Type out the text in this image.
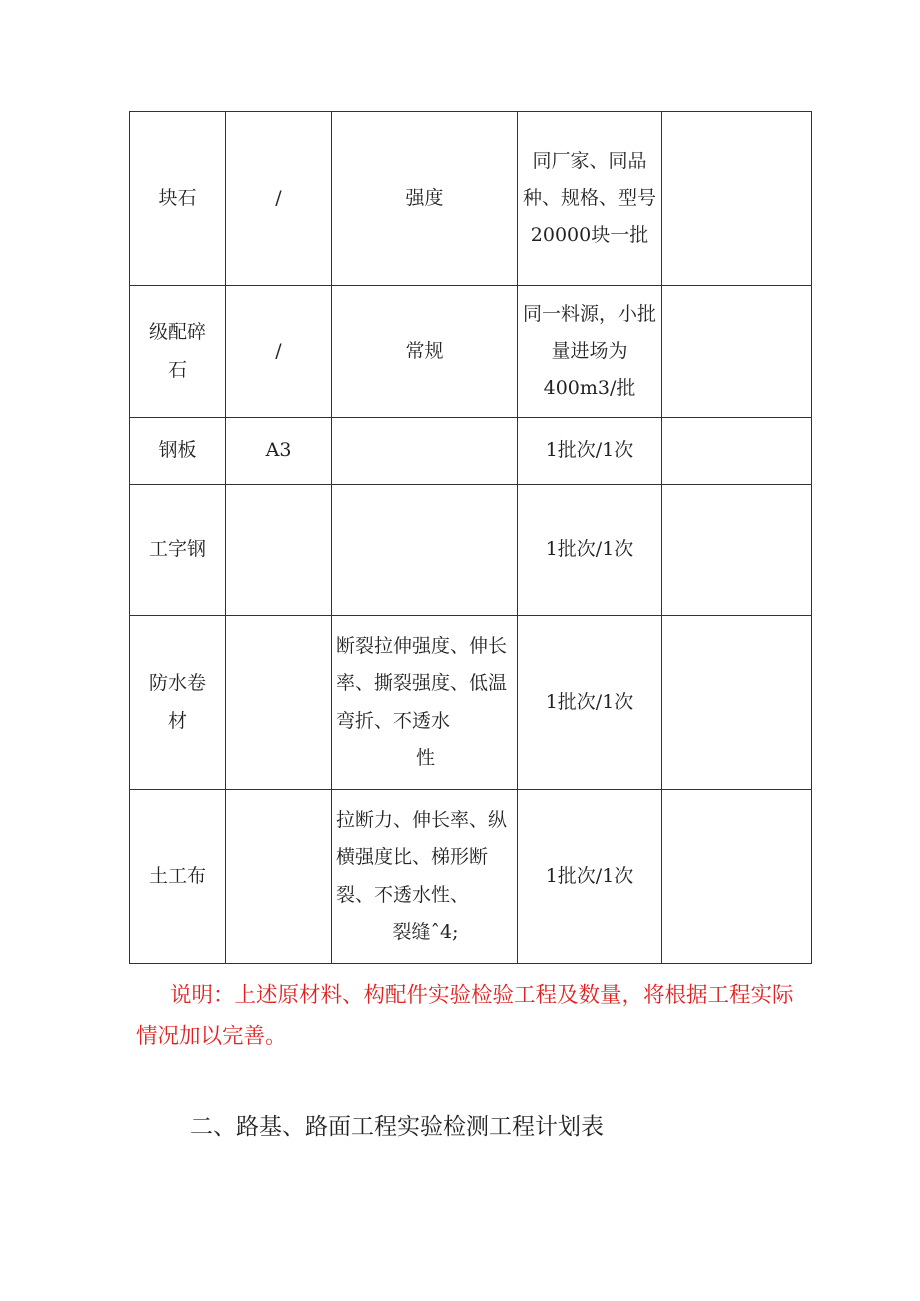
块石	/	强度	同厂家、同品
种、规格、型号
20000块一批	

级配碎
石	/	常规	同一料源，小批
量进场为
400m3/批	

钢板	A3		1批次/1次	
工字钢			1批次/1次	

防水卷
材		断裂拉伸强度、伸长
率、撕裂强度、低温
弯折、不透水
性	1批次/1次	
土工布		拉断力、伸长率、纵
横强度比、梯形断
裂、不透水性、
裂缝ˆ4;	1批次/1次	
说明：上述原材料、构配件实验检验工程及数量，将根据工程实际情况加以完善。
二、路基、路面工程实验检测工程计划表
